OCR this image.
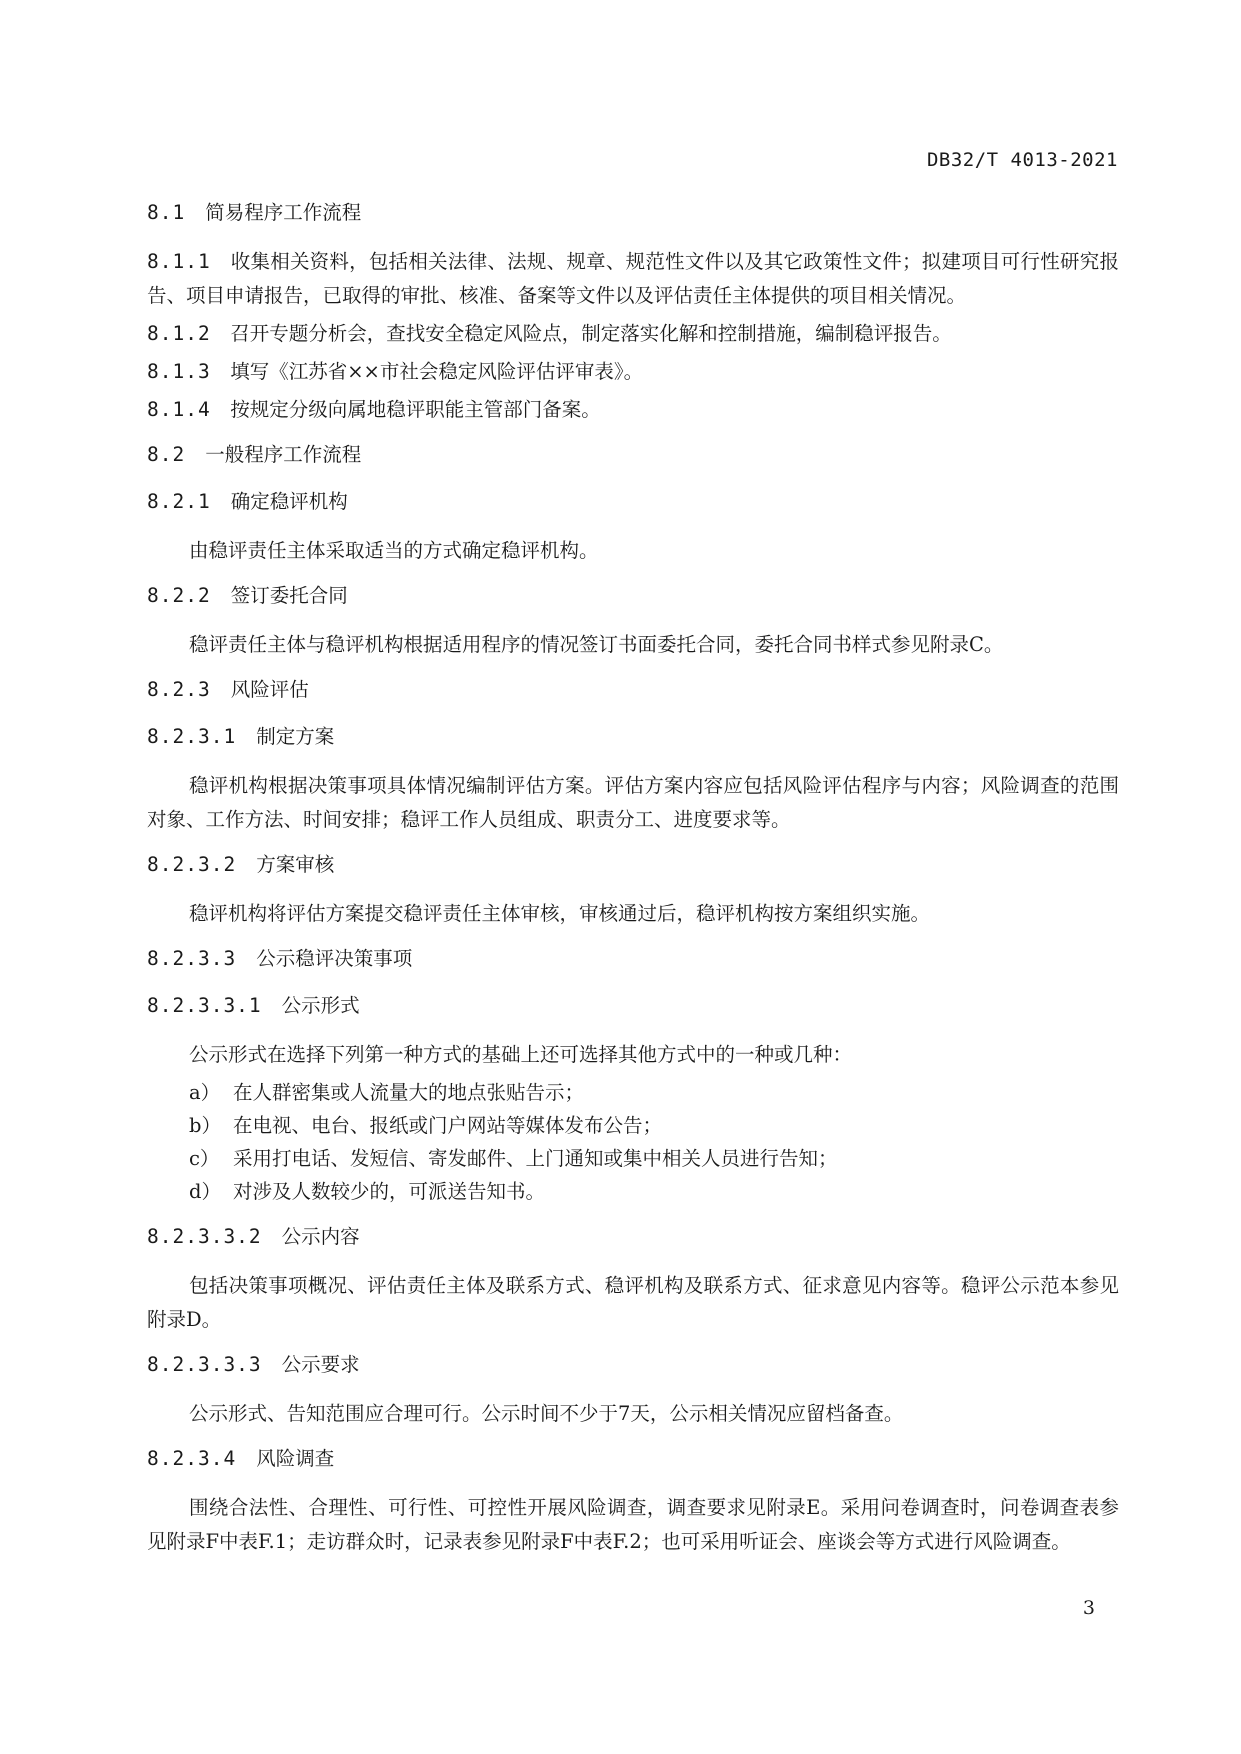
DB32/T 4013-2021
8.1 简易程序工作流程

8.1.1　 收集相关资料，包括相关法律、法规、规章、规范性文件以及其它政策性文件；拟建项目可行性研究报告、项目申请报告，已取得的审批、核准、备案等文件以及评估责任主体提供的项目相关情况。

8.1.2　 召开专题分析会，查找安全稳定风险点，制定落实化解和控制措施，编制稳评报告。

8.1.3　 填写《江苏省××市社会稳定风险评估评审表》。

8.1.4　 按规定分级向属地稳评职能主管部门备案。

8.2 一般程序工作流程
8.2.1 确定稳评机构

由稳评责任主体采取适当的方式确定稳评机构。

8.2.2 签订委托合同

稳评责任主体与稳评机构根据适用程序的情况签订书面委托合同，委托合同书样式参见附录C。

8.2.3 风险评估
8.2.3.1 制定方案

稳评机构根据决策事项具体情况编制评估方案。评估方案内容应包括风险评估程序与内容；风险调查的范围对象、工作方法、时间安排；稳评工作人员组成、职责分工、进度要求等。

8.2.3.2 方案审核

稳评机构将评估方案提交稳评责任主体审核，审核通过后，稳评机构按方案组织实施。

8.2.3.3 公示稳评决策事项
8.2.3.3.1 公示形式

公示形式在选择下列第一种方式的基础上还可选择其他方式中的一种或几种：

a） 在人群密集或人流量大的地点张贴告示；
b） 在电视、电台、报纸或门户网站等媒体发布公告；
c） 采用打电话、发短信、寄发邮件、上门通知或集中相关人员进行告知；
d） 对涉及人数较少的，可派送告知书。
8.2.3.3.2 公示内容

包括决策事项概况、评估责任主体及联系方式、稳评机构及联系方式、征求意见内容等。稳评公示范本参见附录D。

8.2.3.3.3 公示要求

公示形式、告知范围应合理可行。公示时间不少于7天，公示相关情况应留档备查。

8.2.3.4 风险调查

围绕合法性、合理性、可行性、可控性开展风险调查，调查要求见附录E。采用问卷调查时，问卷调查表参见附录F中表F.1；走访群众时，记录表参见附录F中表F.2；也可采用听证会、座谈会等方式进行风险调查。

3
